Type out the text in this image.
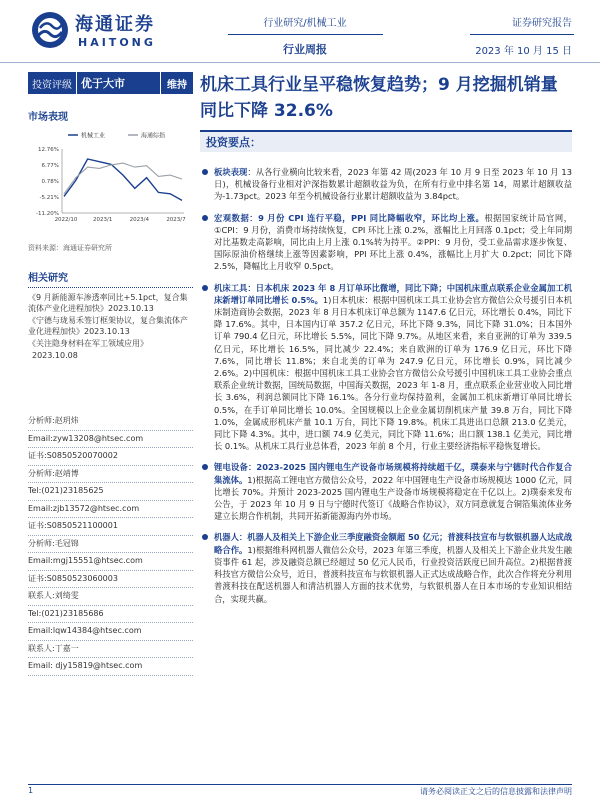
海通证券
HAITONG
行业研究/机械工业
行业周报
证券研究报告
2023 年 10 月 15 日
投资评级 优于大市	维持
市场表现
机械工业	海通综指
12.76%
6.77%
0.78%
-5.21%
-11.20%
2022/10	2023/1	2023/4	2023/7
资料来源：海通证券研究所
相关研究
《9 月新能源车渗透率同比+5.1pct，复合集流体产业化进程加快》2023.10.13
《宁德与珑易禾签订框架协议，复合集流体产业化进程加快》2023.10.13
《关注隐身材料在军工领域应用》
2023.10.08
分析师:赵玥炜
Email:zyw13208@htsec.com
证书:S0850520070002
分析师:赵靖博
Tel:(021)23185625
Email:zjb13572@htsec.com
证书:S0850521100001
分析师:毛冠锦
Email:mgj15551@htsec.com
证书:S0850523060003
联系人:刘绮雯
Tel:(021)23185686
Email:lqw14384@htsec.com
联系人:丁嘉一
Email: djy15819@htsec.com
机床工具行业呈平稳恢复趋势；9 月挖掘机销量同比下降 32.6%
投资要点：
板块表现：从各行业横向比较来看，2023 年第 42 周(2023 年 10 月 9 日至 2023 年 10 月 13 日)，机械设备行业相对沪深指数累计超额收益为负，在所有行业中排名第 14，周累计超额收益为-1.73pct。2023 年至今机械设备行业累计超额收益为 3.84pct。
宏观数据：9 月份 CPI 连行平稳，PPI 同比降幅收窄，环比均上涨。根据国家统计局官网，①CPI：9 月份，消费市场持续恢复，CPI 环比上涨 0.2%，涨幅比上月回落 0.1pct；受上年同期对比基数走高影响，同比由上月上涨 0.1%转为持平。②PPI：9 月份，受工业品需求逐步恢复、国际原油价格继续上涨等因素影响，PPI 环比上涨 0.4%，涨幅比上月扩大 0.2pct；同比下降 2.5%，降幅比上月收窄 0.5pct。
机床工具：日本机床 2023 年 8 月订单环比微增，同比下降；中国机床重点联系企业金属加工机床新增订单同比增长 0.5%。1)日本机床：根据中国机床工具工业协会官方微信公众号援引日本机床制造商协会数据，2023 年 8 月日本机床订单总额为 1147.6 亿日元，环比增长 0.4%，同比下降 17.6%。其中，日本国内订单 357.2 亿日元，环比下降 9.3%，同比下降 31.0%；日本国外订单 790.4 亿日元，环比增长 5.5%，同比下降 9.7%。从地区来看，来自亚洲的订单为 339.5 亿日元，环比增长 16.5%，同比减少 22.4%；来自欧洲的订单为 176.9 亿日元，环比下降 7.6%，同比增长 11.8%；来自北美的订单为 247.9 亿日元，环比增长 0.9%，同比减少 2.6%。2)中国机床：根据中国机床工具工业协会官方微信公众号援引中国机床工具工业协会重点联系企业统计数据，国统局数据，中国海关数据，2023 年 1-8 月，重点联系企业营业收入同比增长 3.6%，利润总额同比下降 16.1%。各分行业均保持盈利，金属加工机床新增订单同比增长 0.5%，在手订单同比增长 10.0%。全国规模以上企业金属切削机床产量 39.8 万台，同比下降 1.0%，金属成形机床产量 10.1 万台，同比下降 19.8%。机床工具进出口总额 213.0 亿美元，同比下降 4.3%。其中，进口额 74.9 亿美元，同比下降 11.6%；出口额 138.1 亿美元，同比增长 0.1%。从机床工具行业总体看，2023 年前 8 个月，行业主要经济指标平稳恢复增长。
锂电设备：2023-2025 国内锂电生产设备市场规模将持续超千亿，璞泰来与宁德时代合作复合集流体。1)根据高工锂电官方微信公众号，2022 年中国锂电生产设备市场规模达 1000 亿元，同比增长 70%。并预计 2023-2025 国内锂电生产设备市场规模将稳定在千亿以上。2)璞泰来发布公告，于 2023 年 10 月 9 日与宁德时代签订《战略合作协议》，双方同意就复合铜箔集流体业务建立长期合作机制，共同开拓新能源海内外市场。
机器人：机器人及相关上下游企业三季度融资金额超 50 亿元；普渡科技宣布与软银机器人达成战略合作。1)根据维科网机器人微信公众号，2023 年第三季度，机器人及相关上下游企业共发生融资事件 61 起，涉及融资总额已经超过 50 亿元人民币，行业投资活跃度已回升高位。2)根据普渡科技官方微信公众号，近日，普渡科技宣布与软银机器人正式达成战略合作，此次合作将充分利用普渡科技在配送机器人和清洁机器人方面的技术优势，与软银机器人在日本市场的专业知识相结合，实现共赢。
1	请务必阅读正文之后的信息披露和法律声明
